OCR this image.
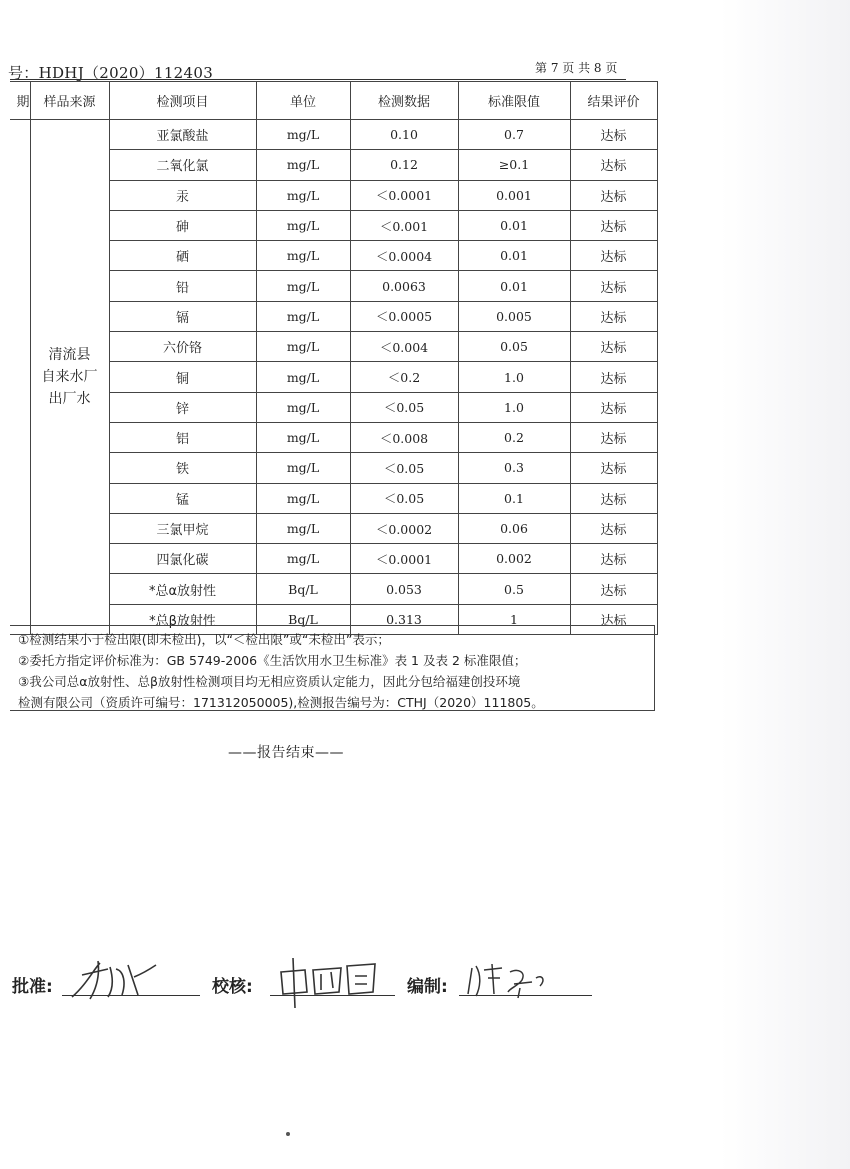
号：HDHJ（2020）112403	第 7 页 共 8 页
期	样品来源	检测项目	单位	检测数据	标准限值	结果评价
	清流县
自来水厂
出厂水	亚氯酸盐	mg/L	0.10	0.7	达标
		二氧化氯	mg/L	0.12	≥0.1	达标
		汞	mg/L	＜0.0001	0.001	达标
		砷	mg/L	＜0.001	0.01	达标
		硒	mg/L	＜0.0004	0.01	达标
		铅	mg/L	0.0063	0.01	达标
		镉	mg/L	＜0.0005	0.005	达标
		六价铬	mg/L	＜0.004	0.05	达标
		铜	mg/L	＜0.2	1.0	达标
		锌	mg/L	＜0.05	1.0	达标
		铝	mg/L	＜0.008	0.2	达标
		铁	mg/L	＜0.05	0.3	达标
		锰	mg/L	＜0.05	0.1	达标
		三氯甲烷	mg/L	＜0.0002	0.06	达标
		四氯化碳	mg/L	＜0.0001	0.002	达标
		*总α放射性	Bq/L	0.053	0.5	达标
		*总β放射性	Bq/L	0.313	1	达标
①检测结果小于检出限(即未检出)，以“＜检出限”或“未检出”表示；
②委托方指定评价标准为：GB 5749-2006《生活饮用水卫生标准》表 1 及表 2 标准限值；
③我公司总α放射性、总β放射性检测项目均无相应资质认定能力，因此分包给福建创投环境
检测有限公司（资质许可编号：171312050005),检测报告编号为：CTHJ（2020）111805。
——报告结束——
批准:	校核:	编制:
